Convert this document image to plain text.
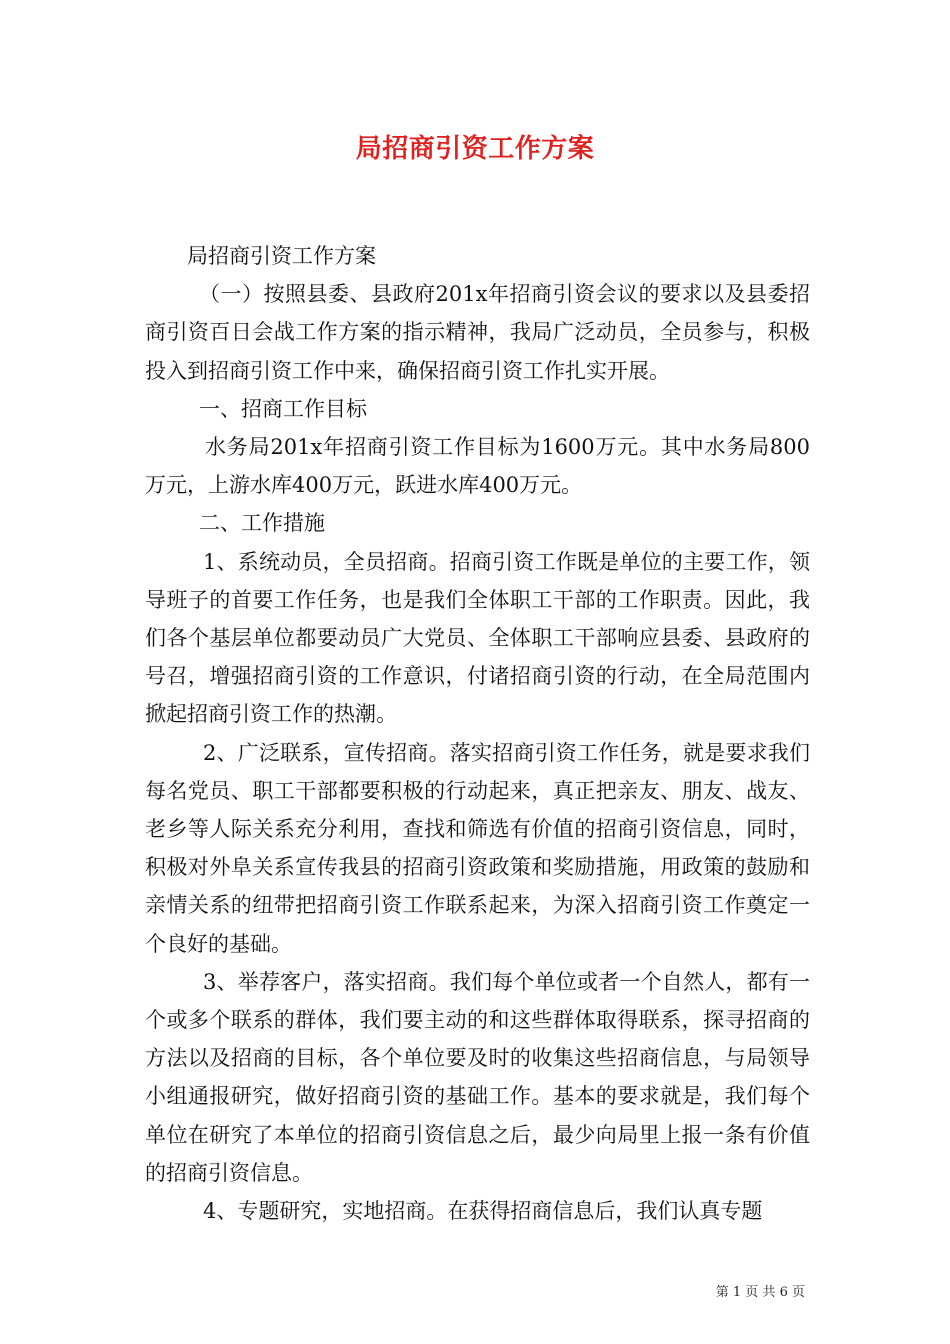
局招商引资工作方案

局招商引资工作方案

（一）按照县委、县政府201x年招商引资会议的要求以及县委招商引资百日会战工作方案的指示精神，我局广泛动员，全员参与，积极投入到招商引资工作中来，确保招商引资工作扎实开展。

一、招商工作目标

水务局201x年招商引资工作目标为1600万元。其中水务局800万元，上游水库400万元，跃进水库400万元。

二、工作措施

1、系统动员，全员招商。招商引资工作既是单位的主要工作，领导班子的首要工作任务，也是我们全体职工干部的工作职责。因此，我们各个基层单位都要动员广大党员、全体职工干部响应县委、县政府的号召，增强招商引资的工作意识，付诸招商引资的行动，在全局范围内掀起招商引资工作的热潮。

2、广泛联系，宣传招商。落实招商引资工作任务，就是要求我们每名党员、职工干部都要积极的行动起来，真正把亲友、朋友、战友、老乡等人际关系充分利用，查找和筛选有价值的招商引资信息，同时，积极对外阜关系宣传我县的招商引资政策和奖励措施，用政策的鼓励和亲情关系的纽带把招商引资工作联系起来，为深入招商引资工作奠定一个良好的基础。

3、举荐客户，落实招商。我们每个单位或者一个自然人，都有一个或多个联系的群体，我们要主动的和这些群体取得联系，探寻招商的方法以及招商的目标，各个单位要及时的收集这些招商信息，与局领导小组通报研究，做好招商引资的基础工作。基本的要求就是，我们每个单位在研究了本单位的招商引资信息之后，最少向局里上报一条有价值的招商引资信息。

4、专题研究，实地招商。在获得招商信息后，我们认真专题

第 1 页 共 6 页
